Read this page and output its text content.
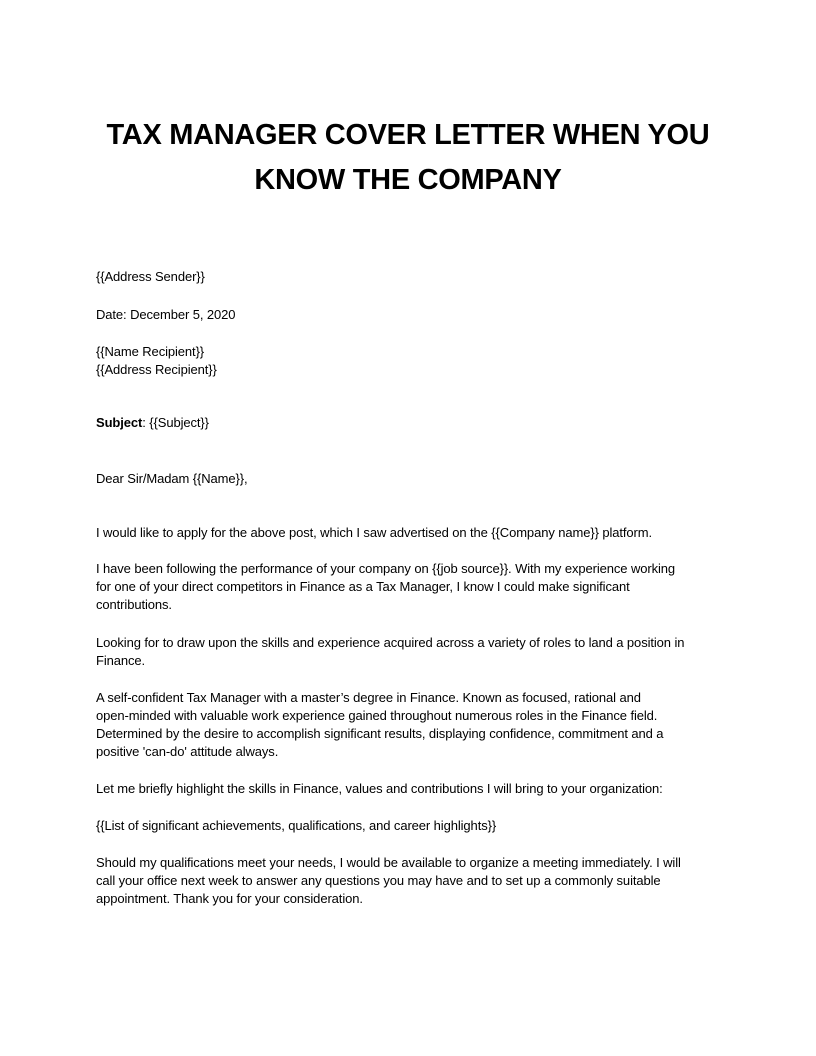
TAX MANAGER COVER LETTER WHEN YOU
KNOW THE COMPANY

{{Address Sender}}

Date: December 5, 2020

{{Name Recipient}}
{{Address Recipient}}

Subject: {{Subject}}

Dear Sir/Madam {{Name}},

I would like to apply for the above post, which I saw advertised on the {{Company name}} platform.

I have been following the performance of your company on {{job source}}. With my experience working
for one of your direct competitors in Finance as a Tax Manager, I know I could make significant
contributions.

Looking for to draw upon the skills and experience acquired across a variety of roles to land a position in
Finance.

A self-confident Tax Manager with a master’s degree in Finance. Known as focused, rational and
open-minded with valuable work experience gained throughout numerous roles in the Finance field.
Determined by the desire to accomplish significant results, displaying confidence, commitment and a
positive 'can-do' attitude always.

Let me briefly highlight the skills in Finance, values and contributions I will bring to your organization:

{{List of significant achievements, qualifications, and career highlights}}

Should my qualifications meet your needs, I would be available to organize a meeting immediately. I will
call your office next week to answer any questions you may have and to set up a commonly suitable
appointment. Thank you for your consideration.
